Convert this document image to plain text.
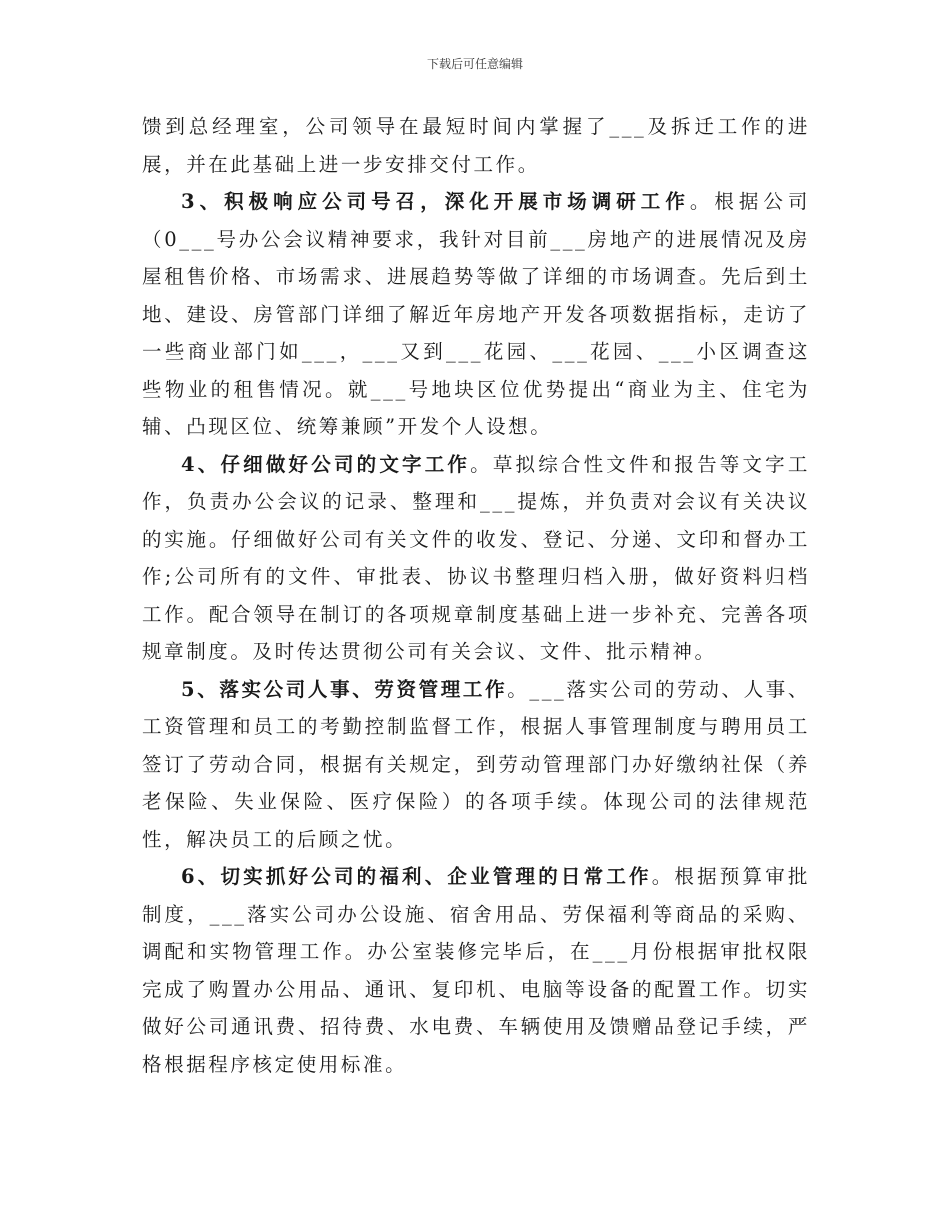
下载后可任意编辑

馈到总经理室，公司领导在最短时间内掌握了___及拆迁工作的进展，并在此基础上进一步安排交付工作。

3、积极响应公司号召，深化开展市场调研工作。根据公司（0___号办公会议精神要求，我针对目前___房地产的进展情况及房屋租售价格、市场需求、进展趋势等做了详细的市场调查。先后到土地、建设、房管部门详细了解近年房地产开发各项数据指标，走访了一些商业部门如___，___又到___花园、___花园、___小区调查这些物业的租售情况。就___号地块区位优势提出“商业为主、住宅为辅、凸现区位、统筹兼顾”开发个人设想。

4、仔细做好公司的文字工作。草拟综合性文件和报告等文字工作，负责办公会议的记录、整理和___提炼，并负责对会议有关决议的实施。仔细做好公司有关文件的收发、登记、分递、文印和督办工作;公司所有的文件、审批表、协议书整理归档入册，做好资料归档工作。配合领导在制订的各项规章制度基础上进一步补充、完善各项规章制度。及时传达贯彻公司有关会议、文件、批示精神。

5、落实公司人事、劳资管理工作。___落实公司的劳动、人事、工资管理和员工的考勤控制监督工作，根据人事管理制度与聘用员工签订了劳动合同，根据有关规定，到劳动管理部门办好缴纳社保（养老保险、失业保险、医疗保险）的各项手续。体现公司的法律规范性，解决员工的后顾之忧。

6、切实抓好公司的福利、企业管理的日常工作。根据预算审批制度，___落实公司办公设施、宿舍用品、劳保福利等商品的采购、调配和实物管理工作。办公室装修完毕后，在___月份根据审批权限完成了购置办公用品、通讯、复印机、电脑等设备的配置工作。切实做好公司通讯费、招待费、水电费、车辆使用及馈赠品登记手续，严格根据程序核定使用标准。
